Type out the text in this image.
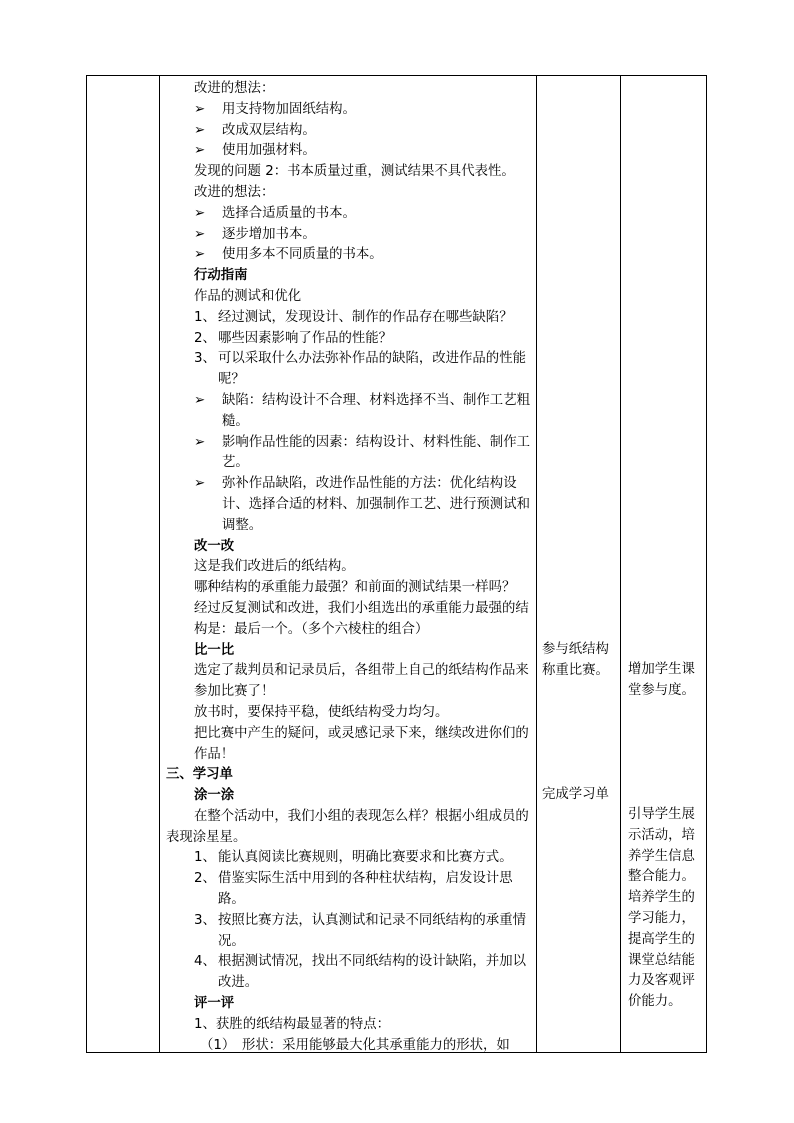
改进的想法：
➢ 用支持物加固纸结构。
➢ 改成双层结构。
➢ 使用加强材料。
发现的问题 2：书本质量过重，测试结果不具代表性。
改进的想法：
➢ 选择合适质量的书本。
➢ 逐步增加书本。
➢ 使用多本不同质量的书本。
行动指南
作品的测试和优化
1、 经过测试，发现设计、制作的作品存在哪些缺陷？
2、 哪些因素影响了作品的性能？
3、 可以采取什么办法弥补作品的缺陷，改进作品的性能呢？
➢ 缺陷：结构设计不合理、材料选择不当、制作工艺粗糙。
➢ 影响作品性能的因素：结构设计、材料性能、制作工艺。
➢ 弥补作品缺陷，改进作品性能的方法：优化结构设计、选择合适的材料、加强制作工艺、进行预测试和调整。
改一改
这是我们改进后的纸结构。
哪种结构的承重能力最强？和前面的测试结果一样吗？
经过反复测试和改进，我们小组选出的承重能力最强的结构是：最后一个。（多个六棱柱的组合）
比一比
选定了裁判员和记录员后，各组带上自己的纸结构作品来参加比赛了！
放书时，要保持平稳，使纸结构受力均匀。
把比赛中产生的疑问，或灵感记录下来，继续改进你们的作品！
三、学习单
涂一涂
在整个活动中，我们小组的表现怎么样？根据小组成员的表现涂星星。
1、 能认真阅读比赛规则，明确比赛要求和比赛方式。
2、 借鉴实际生活中用到的各种柱状结构，启发设计思路。
3、 按照比赛方法，认真测试和记录不同纸结构的承重情况。
4、 根据测试情况，找出不同纸结构的设计缺陷，并加以改进。
评一评
1、获胜的纸结构最显著的特点：
（1） 形状：采用能够最大化其承重能力的形状，如
参与纸结构称重比赛。
完成学习单
增加学生课堂参与度。
引导学生展示活动，培养学生信息整合能力。培养学生的学习能力，提高学生的课堂总结能力及客观评价能力。
